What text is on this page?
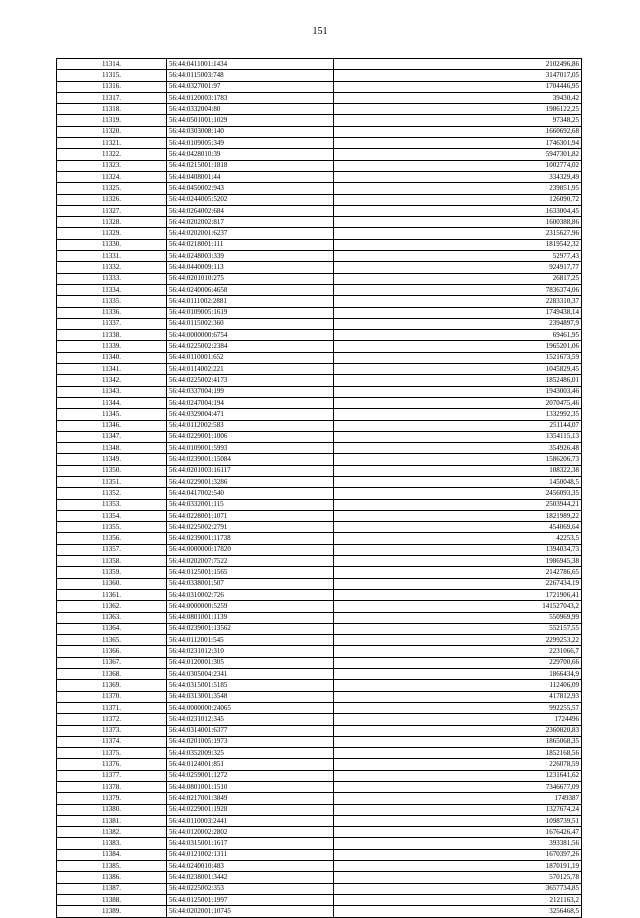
151
11314.	56:44:0411001:1434	2102496,86
11315.	56:44:0115003:748	3147017,05
11316.	56:44:0327001:97	1704446,95
11317.	56:44:0120003:1783	39430,42
11318.	56:44:0332004:80	1986122,25
11319.	56:44:0501001:1029	97348,25
11320.	56:44:0303008:140	1660692,68
11321.	56:44:0109005:349	1746301,94
11322.	56:44:0428010:39	5947301,82
11323.	56:44:0215001:1818	1002774,02
11324.	56:44:0408001:44	334329,49
11325.	56:44:0450002:943	239851,95
11326.	56:44:0244005:5202	126090,72
11327.	56:44:0264002:684	1633004,45
11328.	56:44:0202002:817	1600388,86
11329.	56:44:0202001:6237	2315627,96
11330.	56:44:0218001:111	1819542,32
11331.	56:44:0248003:339	52977,43
11332.	56:44:0440009:113	924917,77
11333.	56:44:0201010:275	26817,25
11334.	56:44:0240006:4658	7836374,06
11335.	56:44:0111002:2881	2283310,37
11336.	56:44:0109005:1619	1749438,14
11337.	56:44:0115002:360	2394897,9
11338.	56:44:0000000:6754	69461,95
11339.	56:44:0225002:2384	1965201,06
11340.	56:44:0110001:652	1521673,59
11341.	56:44:0114002:221	1045829,45
11342.	56:44:0225002:4173	1852486,01
11343.	56:44:0337004:199	1943003,46
11344.	56:44:0247004:194	2070475,46
11345.	56:44:0329004:471	1332992,35
11346.	56:44:0112002:583	251144,07
11347.	56:44:0229001:1006	1354115,13
11348.	56:44:0109001:5993	354926,48
11349.	56:44:0239001:15084	1586206,73
11350.	56:44:0201003:16117	108322,38
11351.	56:44:0229001:3286	1450048,5
11352.	56:44:0417002:540	2456093,35
11353.	56:44:0332001:115	2503944,21
11354.	56:44:0228001:1071	1821989,22
11355.	56:44:0225002:2791	454069,64
11356.	56:44:0239001:11738	42253,5
11357.	56:44:0000000:17820	1394034,73
11358.	56:44:0202007:7522	1986945,38
11359.	56:44:0125001:1565	2142786,65
11360.	56:44:0338001:507	2267434,19
11361.	56:44:0310002:726	1721906,41
11362.	56:44:0000000:5259	141527043,2
11363.	56:44:0801001:1139	550969,99
11364.	56:44:0239001:13562	552157,55
11365.	56:44:0112001:545	2299253,22
11366.	56:44:0231012:310	2231066,7
11367.	56:44:0120001:305	229700,66
11368.	56:44:0305004:2341	1866434,9
11369.	56:44:0315001:5185	112406,09
11370.	56:44:0313001:3548	417812,93
11371.	56:44:0000000:24065	992255,57
11372.	56:44:0231012:345	1724496
11373.	56:44:0314001:6377	2360820,83
11374.	56:44:0201005:1973	1865068,35
11375.	56:44:0352009:325	1852168,56
11376.	56:44:0124001:851	226078,59
11377.	56:44:0259001:1272	1231641,62
11378.	56:44:0801001:1510	7346677,09
11379.	56:44:0217001:3849	1749387
11380.	56:44:0229001:1928	1327674,24
11381.	56:44:0110003:2441	1098739,51
11382.	56:44:0120002:2802	1676426,47
11383.	56:44:0315001:1617	393381,56
11384.	56:44:0121002:1311	1670397,26
11385.	56:44:0240010:483	1870191,19
11386.	56:44:0238001:3442	570125,78
11387.	56:44:0225002:353	3657734,85
11388.	56:44:0125001:1997	2121163,2
11389.	56:44:0202001:10745	3256468,5
